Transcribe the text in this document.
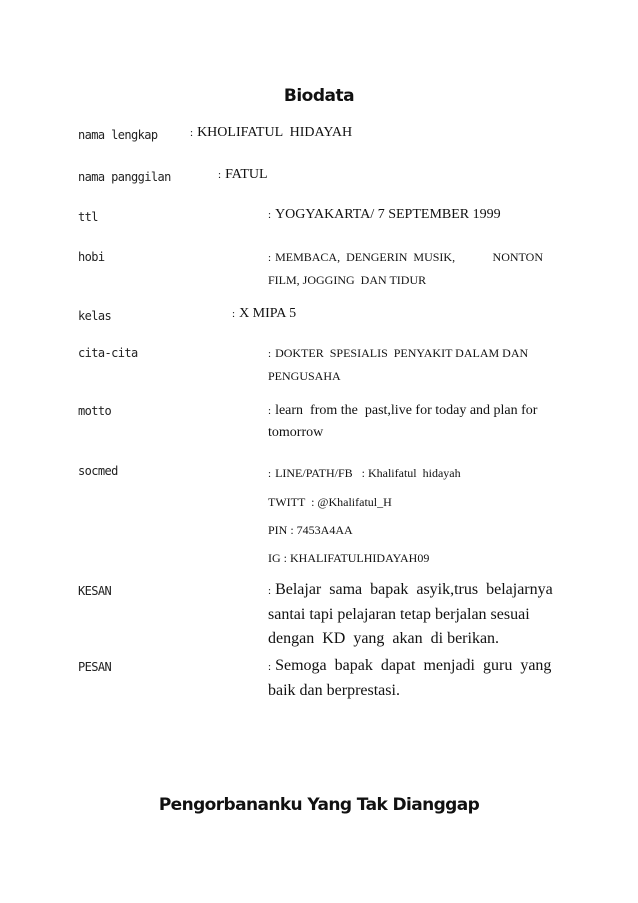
Biodata
nama lengkap	: KHOLIFATUL  HIDAYAH
nama panggilan	: FATUL
ttl	: YOGYAKARTA/ 7 SEPTEMBER 1999
hobi	: MEMBACA,  DENGERIN  MUSIK,	NONTON
FILM, JOGGING  DAN TIDUR
kelas	: X MIPA 5
cita-cita	: DOKTER  SPESIALIS  PENYAKIT DALAM DAN
PENGUSAHA
motto	: learn  from the  past,live for today and plan for
tomorrow
socmed	: LINE/PATH/FB   : Khalifatul  hidayah
TWITT  : @Khalifatul_H
PIN : 7453A4AA
IG : KHALIFATULHIDAYAH09
KESAN	: Belajar  sama  bapak  asyik,trus  belajarnya
santai tapi pelajaran tetap berjalan sesuai
dengan  KD  yang  akan  di berikan.
PESAN	: Semoga  bapak  dapat  menjadi  guru  yang
baik dan berprestasi.
Pengorbananku Yang Tak Dianggap
